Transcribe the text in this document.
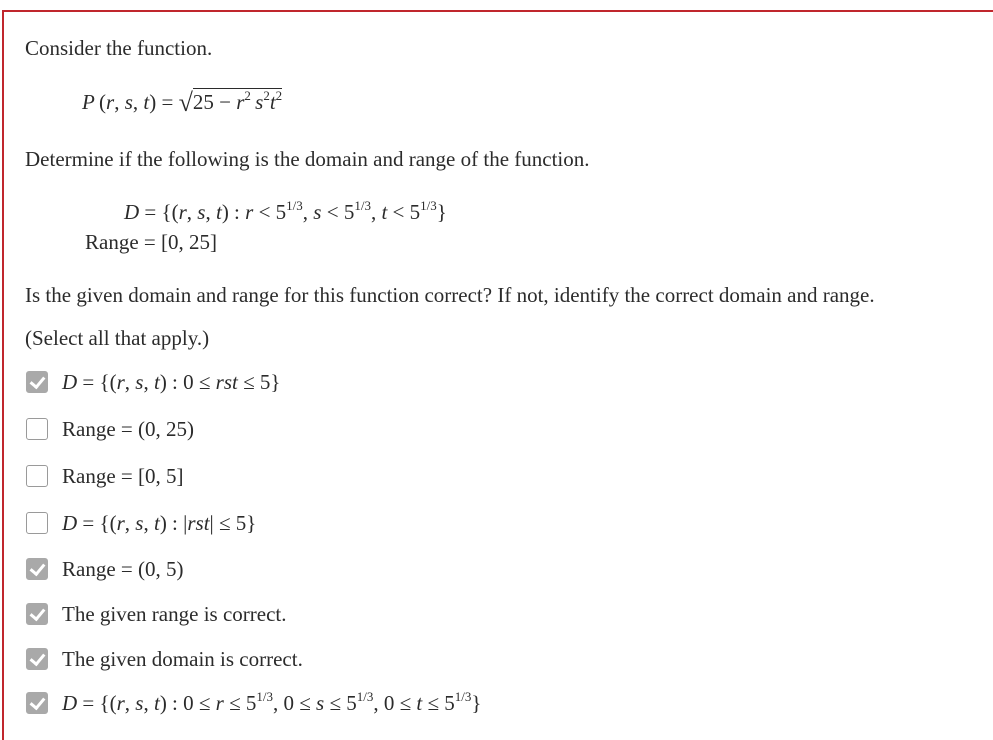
Consider the function.
P (r, s, $t) = √25 - r^2$  $s^2t^2$
Determine if the following is the domain and range of the function.
D = {(r, s, t) : $r < 5^{1/3}$, $s < 5^{1/3}$, $t < 5^{1/3}$}
Range = [0, 25]
Is the given domain and range for this function correct? If not, identify the correct domain and range.
(Select all that apply.)
D = {(r, s, t) : 0 ≤ rst ≤ 5}
Range = (0, 25)
Range = [0, 5]
D = {(r, s, t) : |rst| ≤ 5}
Range = (0, 5)
The given range is correct.
The given domain is correct.
D = {(r, s, t) : $0 \le r \le 5^{1/3}$, $0 \le s \le 5^{1/3}$, $0 \le t \le 5^{1/3}$}
